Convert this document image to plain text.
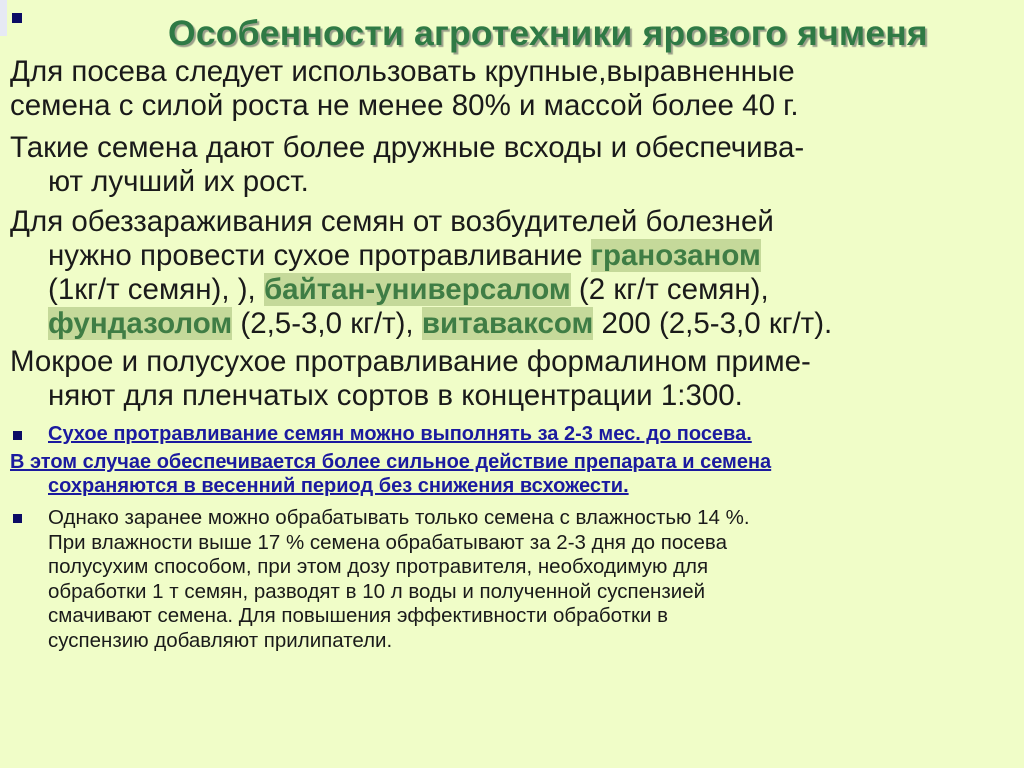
Особенности агротехники ярового ячменя

Для посева следует использовать крупные,выравненные
семена с силой роста не менее 80% и массой более 40 г.

Такие семена дают более дружные всходы и обеспечива-
ют лучший их рост.

Для обеззараживания семян от возбудителей болезней
нужно провести сухое протравливание гранозаном
(1кг/т семян), ), байтан-универсалом (2 кг/т семян),
фундазолом (2,5-3,0 кг/т), витаваксом 200 (2,5-3,0 кг/т).

Мокрое и полусухое протравливание формалином приме-
няют для пленчатых сортов в концентрации 1:300.

Сухое протравливание семян можно выполнять за 2-3 мес. до посева.
В этом случае обеспечивается более сильное действие препарата и семена
сохраняются в весенний период без снижения всхожести.
Однако заранее можно обрабатывать только семена с влажностью 14 %.
При влажности выше 17 % семена обрабатывают за 2-3 дня до посева
полусухим способом, при этом дозу протравителя, необходимую для
обработки 1 т семян, разводят в 10 л воды и полученной суспензией
смачивают семена. Для повышения эффективности обработки в
суспензию добавляют прилипатели.
